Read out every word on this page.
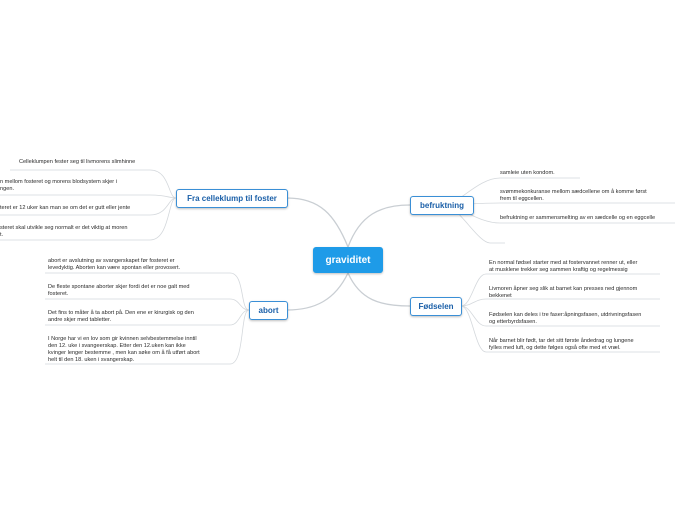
graviditet
Fra celleklump til foster
abort
befruktning
Fødselen
Celleklumpen fester seg til livmorens slimhinne
n mellom fosteret og morens blodsystem skjer i
ngen.
teret er 12 uker kan man se om det er gutt eller jente
steret skal utvikle seg normalt er det viktig at moren
t.
abort er avslutning av svangerskapet før fosteret er
levedyktig. Aborten kan være spontan eller provosert.
De fleste spontane aborter skjer fordi det er noe galt med
fosteret.
Det fins to måter å ta abort på. Den ene er kirurgisk og den
andre skjer med tabletter.
I Norge har vi en lov som gir kvinnen selvbestemmelse inntil
den 12. uke i svangeerskap. Etter den 12.uken kan ikke
kvinger lenger bestemme , men kan søke om å få utført abort
helt til den 18. uken i svangerskap.
samleie uten kondom.
svømmekonkuranse mellom sædcellene om å komme først
frem til eggcellen.
befruktning er sammensmelting av en sædcelle og en eggcelle
En normal fødsel starter med at fostervannet renner ut, eller
at musklene trekker seg sammen kraftig og regelmessig
Livmoren åpner seg slik at barnet kan presses ned gjennom
bekkenet
Fødselen kan deles i tre faser:åpningsfasen, utdrivningsfasen
og etterbyrdsfasen.
Når barnet blir født, tar det sitt første åndedrag og lungene
fylles med luft, og dette følges også ofte med et vræl.
